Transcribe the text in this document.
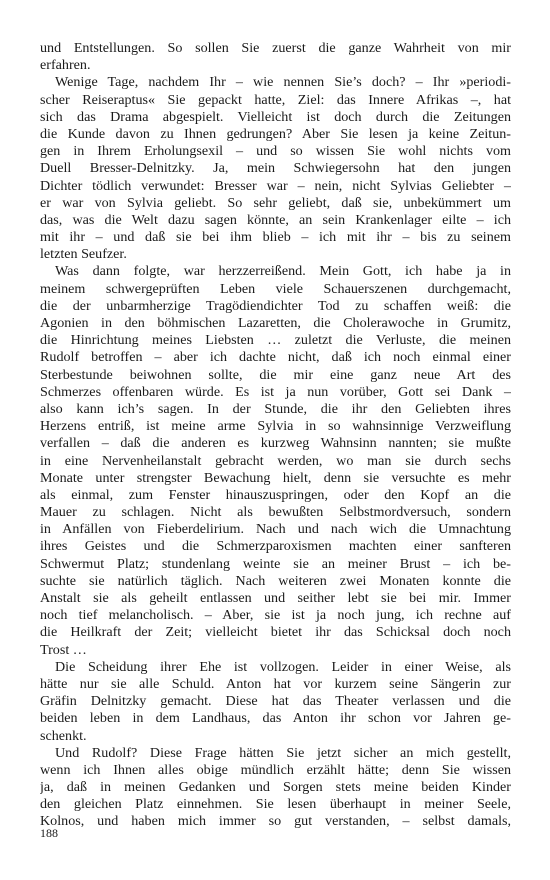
und Entstellungen. So sollen Sie zuerst die ganze Wahrheit von mir
erfahren.
Wenige Tage, nachdem Ihr – wie nennen Sie’s doch? – Ihr »periodi-
scher Reiseraptus« Sie gepackt hatte, Ziel: das Innere Afrikas –, hat
sich das Drama abgespielt. Vielleicht ist doch durch die Zeitungen
die Kunde davon zu Ihnen gedrungen? Aber Sie lesen ja keine Zeitun-
gen in Ihrem Erholungsexil – und so wissen Sie wohl nichts vom
Duell Bresser-Delnitzky. Ja, mein Schwiegersohn hat den jungen
Dichter tödlich verwundet: Bresser war – nein, nicht Sylvias Geliebter –
er war von Sylvia geliebt. So sehr geliebt, daß sie, unbekümmert um
das, was die Welt dazu sagen könnte, an sein Krankenlager eilte – ich
mit ihr – und daß sie bei ihm blieb – ich mit ihr – bis zu seinem
letzten Seufzer.
Was dann folgte, war herzzerreißend. Mein Gott, ich habe ja in
meinem schwergeprüften Leben viele Schauerszenen durchgemacht,
die der unbarmherzige Tragödiendichter Tod zu schaffen weiß: die
Agonien in den böhmischen Lazaretten, die Cholerawoche in Grumitz,
die Hinrichtung meines Liebsten … zuletzt die Verluste, die meinen
Rudolf betroffen – aber ich dachte nicht, daß ich noch einmal einer
Sterbestunde beiwohnen sollte, die mir eine ganz neue Art des
Schmerzes offenbaren würde. Es ist ja nun vorüber, Gott sei Dank –
also kann ich’s sagen. In der Stunde, die ihr den Geliebten ihres
Herzens entriß, ist meine arme Sylvia in so wahnsinnige Verzweiflung
verfallen – daß die anderen es kurzweg Wahnsinn nannten; sie mußte
in eine Nervenheilanstalt gebracht werden, wo man sie durch sechs
Monate unter strengster Bewachung hielt, denn sie versuchte es mehr
als einmal, zum Fenster hinauszuspringen, oder den Kopf an die
Mauer zu schlagen. Nicht als bewußten Selbstmordversuch, sondern
in Anfällen von Fieberdelirium. Nach und nach wich die Umnachtung
ihres Geistes und die Schmerzparoxismen machten einer sanfteren
Schwermut Platz; stundenlang weinte sie an meiner Brust – ich be-
suchte sie natürlich täglich. Nach weiteren zwei Monaten konnte die
Anstalt sie als geheilt entlassen und seither lebt sie bei mir. Immer
noch tief melancholisch. – Aber, sie ist ja noch jung, ich rechne auf
die Heilkraft der Zeit; vielleicht bietet ihr das Schicksal doch noch
Trost …
Die Scheidung ihrer Ehe ist vollzogen. Leider in einer Weise, als
hätte nur sie alle Schuld. Anton hat vor kurzem seine Sängerin zur
Gräfin Delnitzky gemacht. Diese hat das Theater verlassen und die
beiden leben in dem Landhaus, das Anton ihr schon vor Jahren ge-
schenkt.
Und Rudolf? Diese Frage hätten Sie jetzt sicher an mich gestellt,
wenn ich Ihnen alles obige mündlich erzählt hätte; denn Sie wissen
ja, daß in meinen Gedanken und Sorgen stets meine beiden Kinder
den gleichen Platz einnehmen. Sie lesen überhaupt in meiner Seele,
Kolnos, und haben mich immer so gut verstanden, – selbst damals,
188
